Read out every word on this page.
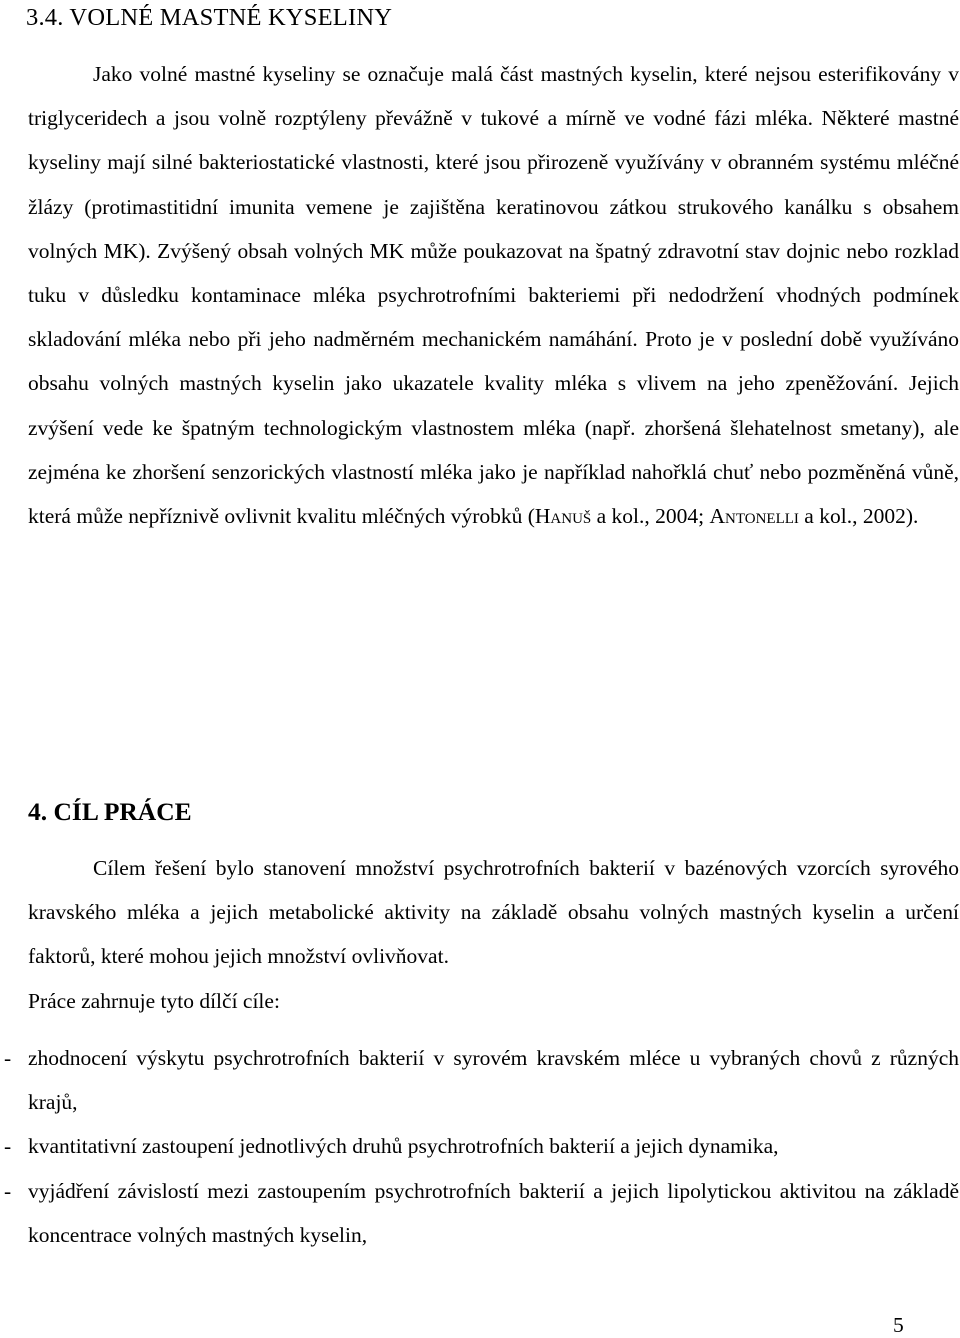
3.4. VOLNÉ MASTNÉ KYSELINY

Jako volné mastné kyseliny se označuje malá část mastných kyselin, které nejsou esterifikovány v triglyceridech a jsou volně rozptýleny převážně v tukové a mírně ve vodné fázi mléka. Některé mastné kyseliny mají silné bakteriostatické vlastnosti, které jsou přirozeně využívány v obranném systému mléčné žlázy (protimastitidní imunita vemene je zajištěna keratinovou zátkou strukového kanálku s obsahem volných MK). Zvýšený obsah volných MK může poukazovat na špatný zdravotní stav dojnic nebo rozklad tuku v důsledku kontaminace mléka psychrotrofními bakteriemi při nedodržení vhodných podmínek skladování mléka nebo při jeho nadměrném mechanickém namáhání. Proto je v poslední době využíváno obsahu volných mastných kyselin jako ukazatele kvality mléka s vlivem na jeho zpeněžování. Jejich zvýšení vede ke špatným technologickým vlastnostem mléka (např. zhoršená šlehatelnost smetany), ale zejména ke zhoršení senzorických vlastností mléka jako je například nahořklá chuť nebo pozměněná vůně, která může nepříznivě ovlivnit kvalitu mléčných výrobků (Hanuš a kol., 2004; Antonelli a kol., 2002).

4. CÍL PRÁCE

Cílem řešení bylo stanovení množství psychrotrofních bakterií v bazénových vzorcích syrového kravského mléka a jejich metabolické aktivity na základě obsahu volných mastných kyselin a určení faktorů, které mohou jejich množství ovlivňovat.

Práce zahrnuje tyto dílčí cíle:

- zhodnocení výskytu psychrotrofních bakterií v syrovém kravském mléce u vybraných chovů z různých krajů,
- kvantitativní zastoupení jednotlivých druhů psychrotrofních bakterií a jejich dynamika,
- vyjádření závislostí mezi zastoupením psychrotrofních bakterií a jejich lipolytickou aktivitou na základě koncentrace volných mastných kyselin,
5
